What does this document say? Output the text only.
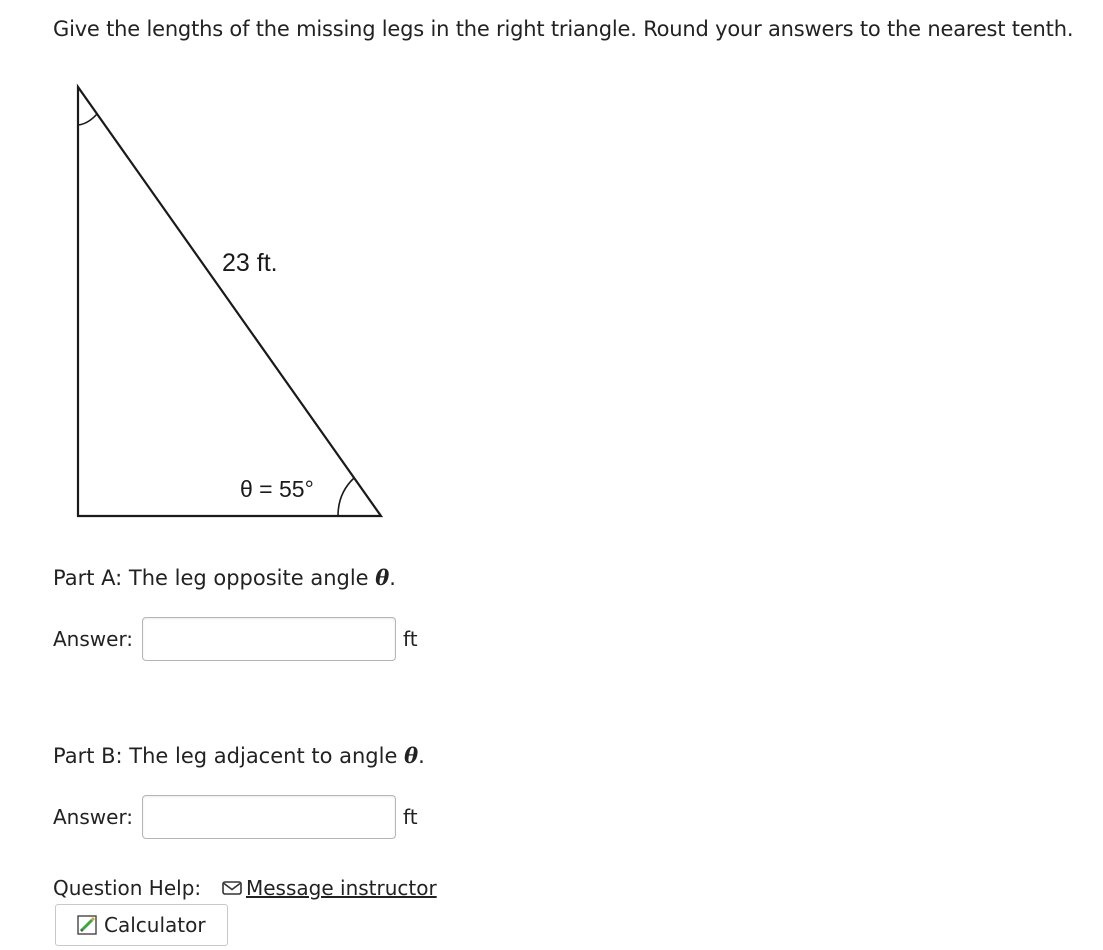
Give the lengths of the missing legs in the right triangle. Round your answers to the nearest tenth.
23 ft.
θ = 55°
Part A: The leg opposite angle θ.
Answer:	ft
Part B: The leg adjacent to angle θ.
Answer:	ft
Question Help: Message instructor
Calculator
